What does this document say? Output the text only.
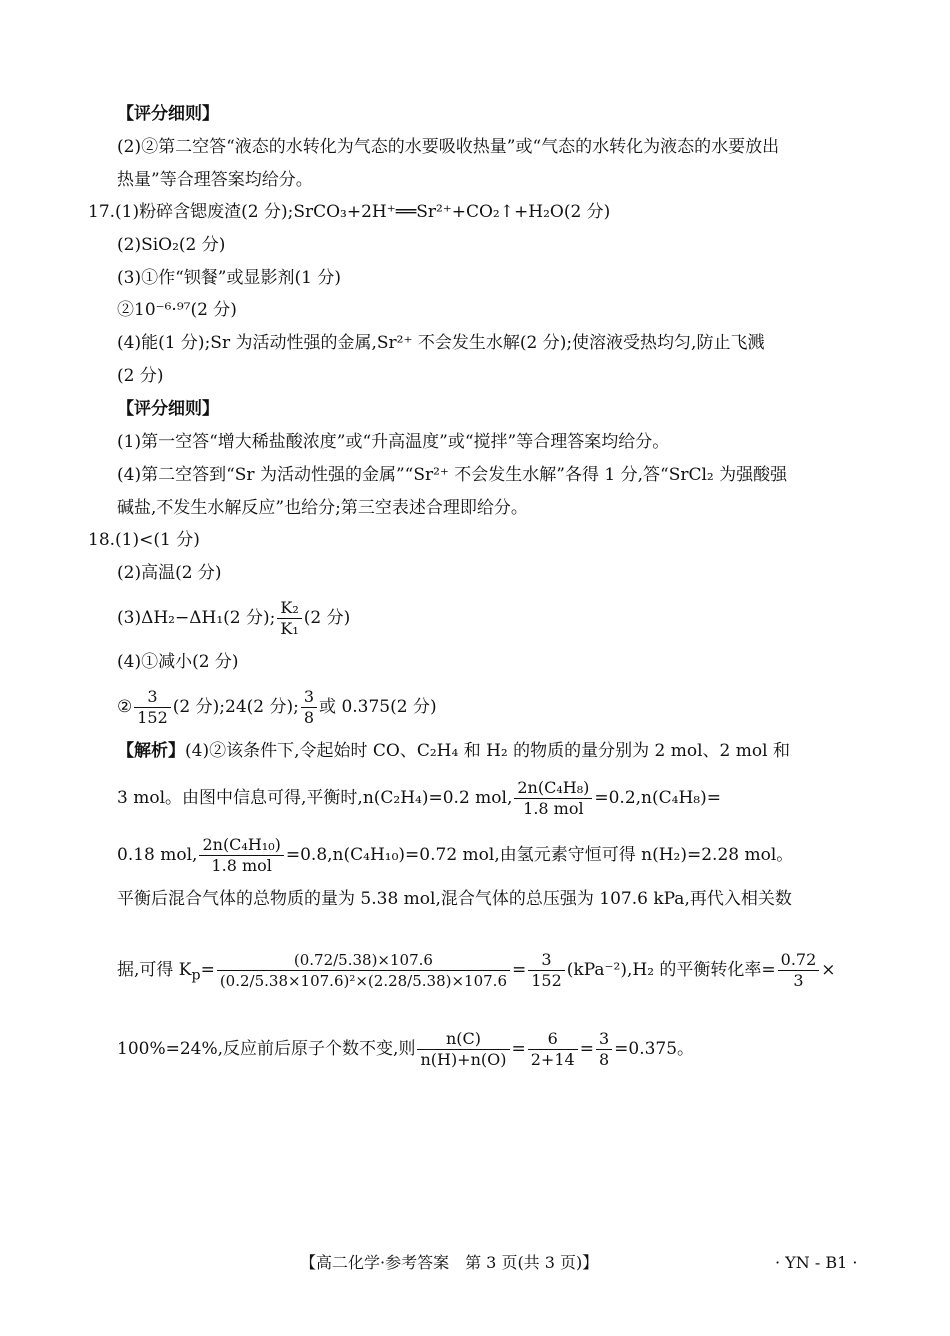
【评分细则】
(2)②第二空答“液态的水转化为气态的水要吸收热量”或“气态的水转化为液态的水要放出
热量”等合理答案均给分。
17.(1)粉碎含锶废渣(2 分);SrCO₃+2H⁺══Sr²⁺+CO₂↑+H₂O(2 分)
(2)SiO₂(2 分)
(3)①作“钡餐”或显影剂(1 分)
②10⁻⁶·⁹⁷(2 分)
(4)能(1 分);Sr 为活动性强的金属,Sr²⁺ 不会发生水解(2 分);使溶液受热均匀,防止飞溅
(2 分)
【评分细则】
(1)第一空答“增大稀盐酸浓度”或“升高温度”或“搅拌”等合理答案均给分。
(4)第二空答到“Sr 为活动性强的金属”“Sr²⁺ 不会发生水解”各得 1 分,答“SrCl₂ 为强酸强
碱盐,不发生水解反应”也给分;第三空表述合理即给分。
18.(1)<(1 分)
(2)高温(2 分)
(3)ΔH₂−ΔH₁(2 分); $\frac{\text{K₂}}{\text{K₁}} (2$ 分)
(4)①减小(2 分)
② $\frac{3}{152} (2$ 分);24(2 分); $\frac{3}{8}$ 或 0.375(2 分)
【解析】(4)②该条件下,令起始时 CO、C₂H₄ 和 H₂ 的物质的量分别为 2 mol、2 mol 和
3 mol。由图中信息可得,平衡时,n(C₂H₄)=0.2 mol, $\frac{\text{2n(C₄H₈)}}{\text{1.8 mol}} =0.2,n(C_4H_8)=$
0.18 mol, $\frac{\text{2n(C₄H₁₀)}}{\text{1.8 mol}} =0.8,n(C_4H_{10})=0.72$ mol,由氢元素守恒可得 n(H₂)=2.28 mol。
平衡后混合气体的总物质的量为 5.38 mol,混合气体的总压强为 107.6 kPa,再代入相关数
据,可得 $K_p= \frac{(0.72/5.38)\times 107.6}{\text{(0.2/5.38×107.6)²×(2.28/5.38)×107.6}} = \frac{3}{152} (kPa^{-2}),H_2$ 的平衡转化率= $\frac{0.72}{3}$ ×
100%=24%,反应前后原子个数不变,则 $\frac{n(C)}{n(H)+n(O)} = \frac{6}{2+14} = \frac{3}{8} =0.375$。
【高二化学·参考答案　第 3 页(共 3 页)】	· YN - B1 ·
